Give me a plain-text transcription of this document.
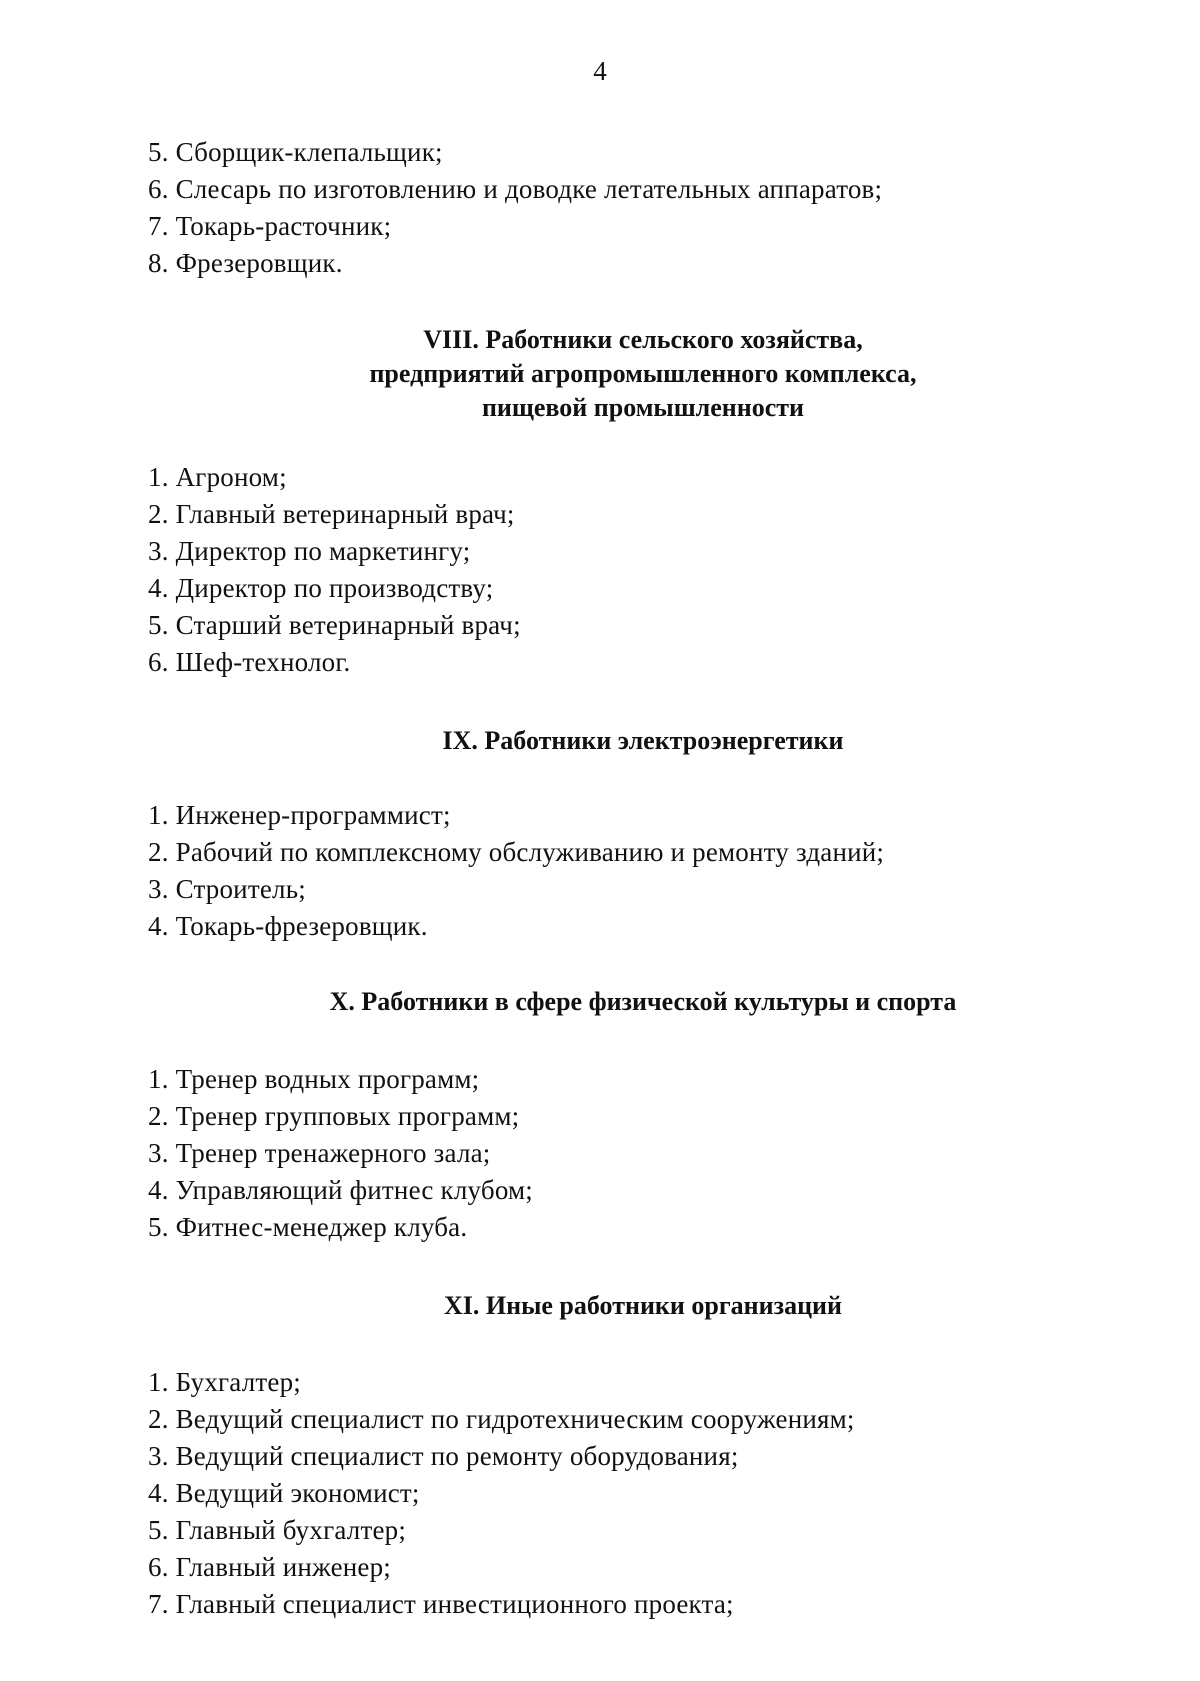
4
5. Сборщик-клепальщик;
6. Слесарь по изготовлению и доводке летательных аппаратов;
7. Токарь-расточник;
8. Фрезеровщик.
VIII. Работники сельского хозяйства,
предприятий агропромышленного комплекса,
пищевой промышленности
1. Агроном;
2. Главный ветеринарный врач;
3. Директор по маркетингу;
4. Директор по производству;
5. Старший ветеринарный врач;
6. Шеф-технолог.
IX. Работники электроэнергетики
1. Инженер-программист;
2. Рабочий по комплексному обслуживанию и ремонту зданий;
3. Строитель;
4. Токарь-фрезеровщик.
X. Работники в сфере физической культуры и спорта
1. Тренер водных программ;
2. Тренер групповых программ;
3. Тренер тренажерного зала;
4. Управляющий фитнес клубом;
5. Фитнес-менеджер клуба.
XI. Иные работники организаций
1. Бухгалтер;
2. Ведущий специалист по гидротехническим сооружениям;
3. Ведущий специалист по ремонту оборудования;
4. Ведущий экономист;
5. Главный бухгалтер;
6. Главный инженер;
7. Главный специалист инвестиционного проекта;
